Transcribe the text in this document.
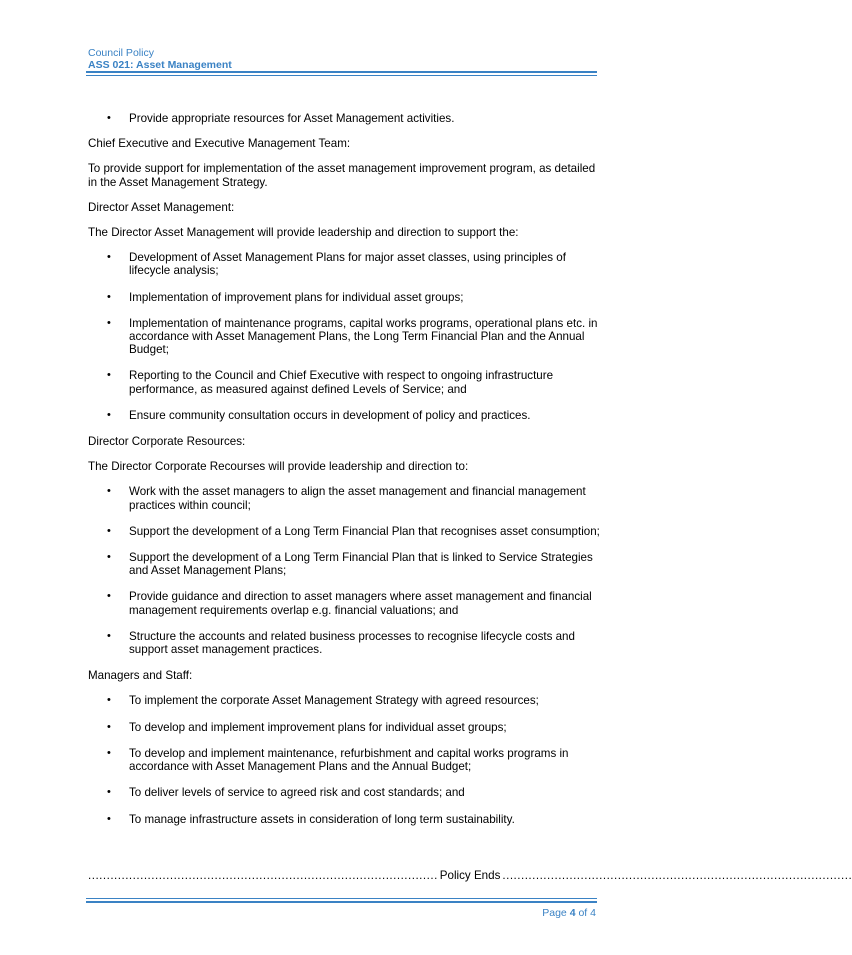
Council Policy
ASS 021: Asset Management
• Provide appropriate resources for Asset Management activities.

Chief Executive and Executive Management Team:

To provide support for implementation of the asset management improvement program, as detailed in the Asset Management Strategy.

Director Asset Management:

The Director Asset Management will provide leadership and direction to support the:

• Development of Asset Management Plans for major asset classes, using principles of lifecycle analysis;
• Implementation of improvement plans for individual asset groups;
• Implementation of maintenance programs, capital works programs, operational plans etc. in accordance with Asset Management Plans, the Long Term Financial Plan and the Annual Budget;
• Reporting to the Council and Chief Executive with respect to ongoing infrastructure performance, as measured against defined Levels of Service; and
• Ensure community consultation occurs in development of policy and practices.

Director Corporate Resources:

The Director Corporate Recourses will provide leadership and direction to:

• Work with the asset managers to align the asset management and financial management practices within council;
• Support the development of a Long Term Financial Plan that recognises asset consumption;
• Support the development of a Long Term Financial Plan that is linked to Service Strategies and Asset Management Plans;
• Provide guidance and direction to asset managers where asset management and financial management requirements overlap e.g. financial valuations; and
• Structure the accounts and related business processes to recognise lifecycle costs and support asset management practices.

Managers and Staff:

• To implement the corporate Asset Management Strategy with agreed resources;
• To develop and implement improvement plans for individual asset groups;
• To develop and implement maintenance, refurbishment and capital works programs in accordance with Asset Management Plans and the Annual Budget;
• To deliver levels of service to agreed risk and cost standards; and
• To manage infrastructure assets in consideration of long term sustainability.
.............................................................................................. Policy Ends ..............................................................................................
Page 4 of 4
